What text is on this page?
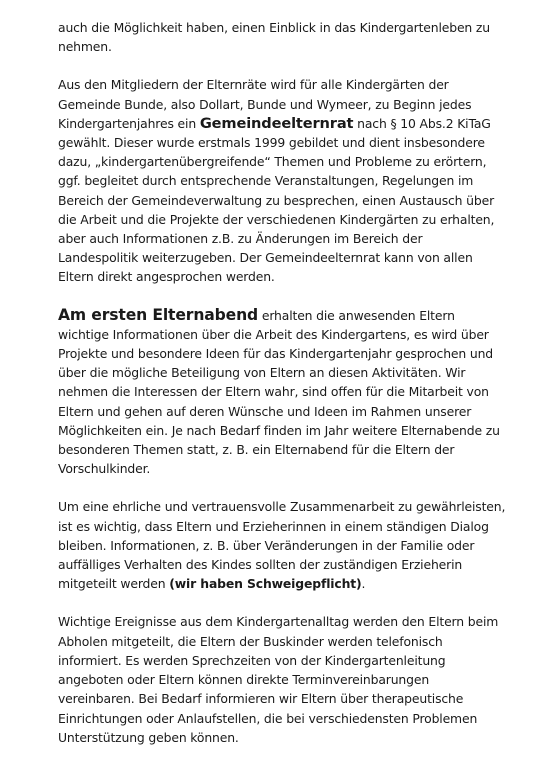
auch die Möglichkeit haben, einen Einblick in das Kindergartenleben zu nehmen.

Aus den Mitgliedern der Elternräte wird für alle Kindergärten der Gemeinde Bunde, also Dollart, Bunde und Wymeer, zu Beginn jedes Kindergartenjahres ein Gemeindeelternrat nach § 10 Abs.2 KiTaG gewählt. Dieser wurde erstmals 1999 gebildet und dient insbesondere dazu, „kindergartenübergreifende“ Themen und Probleme zu erörtern, ggf. begleitet durch entsprechende Veranstaltungen, Regelungen im Bereich der Gemeindeverwaltung zu besprechen, einen Austausch über die Arbeit und die Projekte der verschiedenen Kindergärten zu erhalten, aber auch Informationen z.B. zu Änderungen im Bereich der Landespolitik weiterzugeben. Der Gemeindeelternrat kann von allen Eltern direkt angesprochen werden.

Am ersten Elternabend erhalten die anwesenden Eltern wichtige Informationen über die Arbeit des Kindergartens, es wird über Projekte und besondere Ideen für das Kindergartenjahr gesprochen und über die mögliche Beteiligung von Eltern an diesen Aktivitäten. Wir nehmen die Interessen der Eltern wahr, sind offen für die Mitarbeit von Eltern und gehen auf deren Wünsche und Ideen im Rahmen unserer Möglichkeiten ein. Je nach Bedarf finden im Jahr weitere Elternabende zu besonderen Themen statt, z. B. ein Elternabend für die Eltern der Vorschulkinder.

Um eine ehrliche und vertrauensvolle Zusammenarbeit zu gewährleisten, ist es wichtig, dass Eltern und Erzieherinnen in einem ständigen Dialog bleiben. Informationen, z. B. über Veränderungen in der Familie oder auffälliges Verhalten des Kindes sollten der zuständigen Erzieherin mitgeteilt werden (wir haben Schweigepflicht).

Wichtige Ereignisse aus dem Kindergartenalltag werden den Eltern beim Abholen mitgeteilt, die Eltern der Buskinder werden telefonisch informiert. Es werden Sprechzeiten von der Kindergartenleitung angeboten oder Eltern können direkte Terminvereinbarungen vereinbaren. Bei Bedarf informieren wir Eltern über therapeutische Einrichtungen oder Anlaufstellen, die bei verschiedensten Problemen Unterstützung geben können.
